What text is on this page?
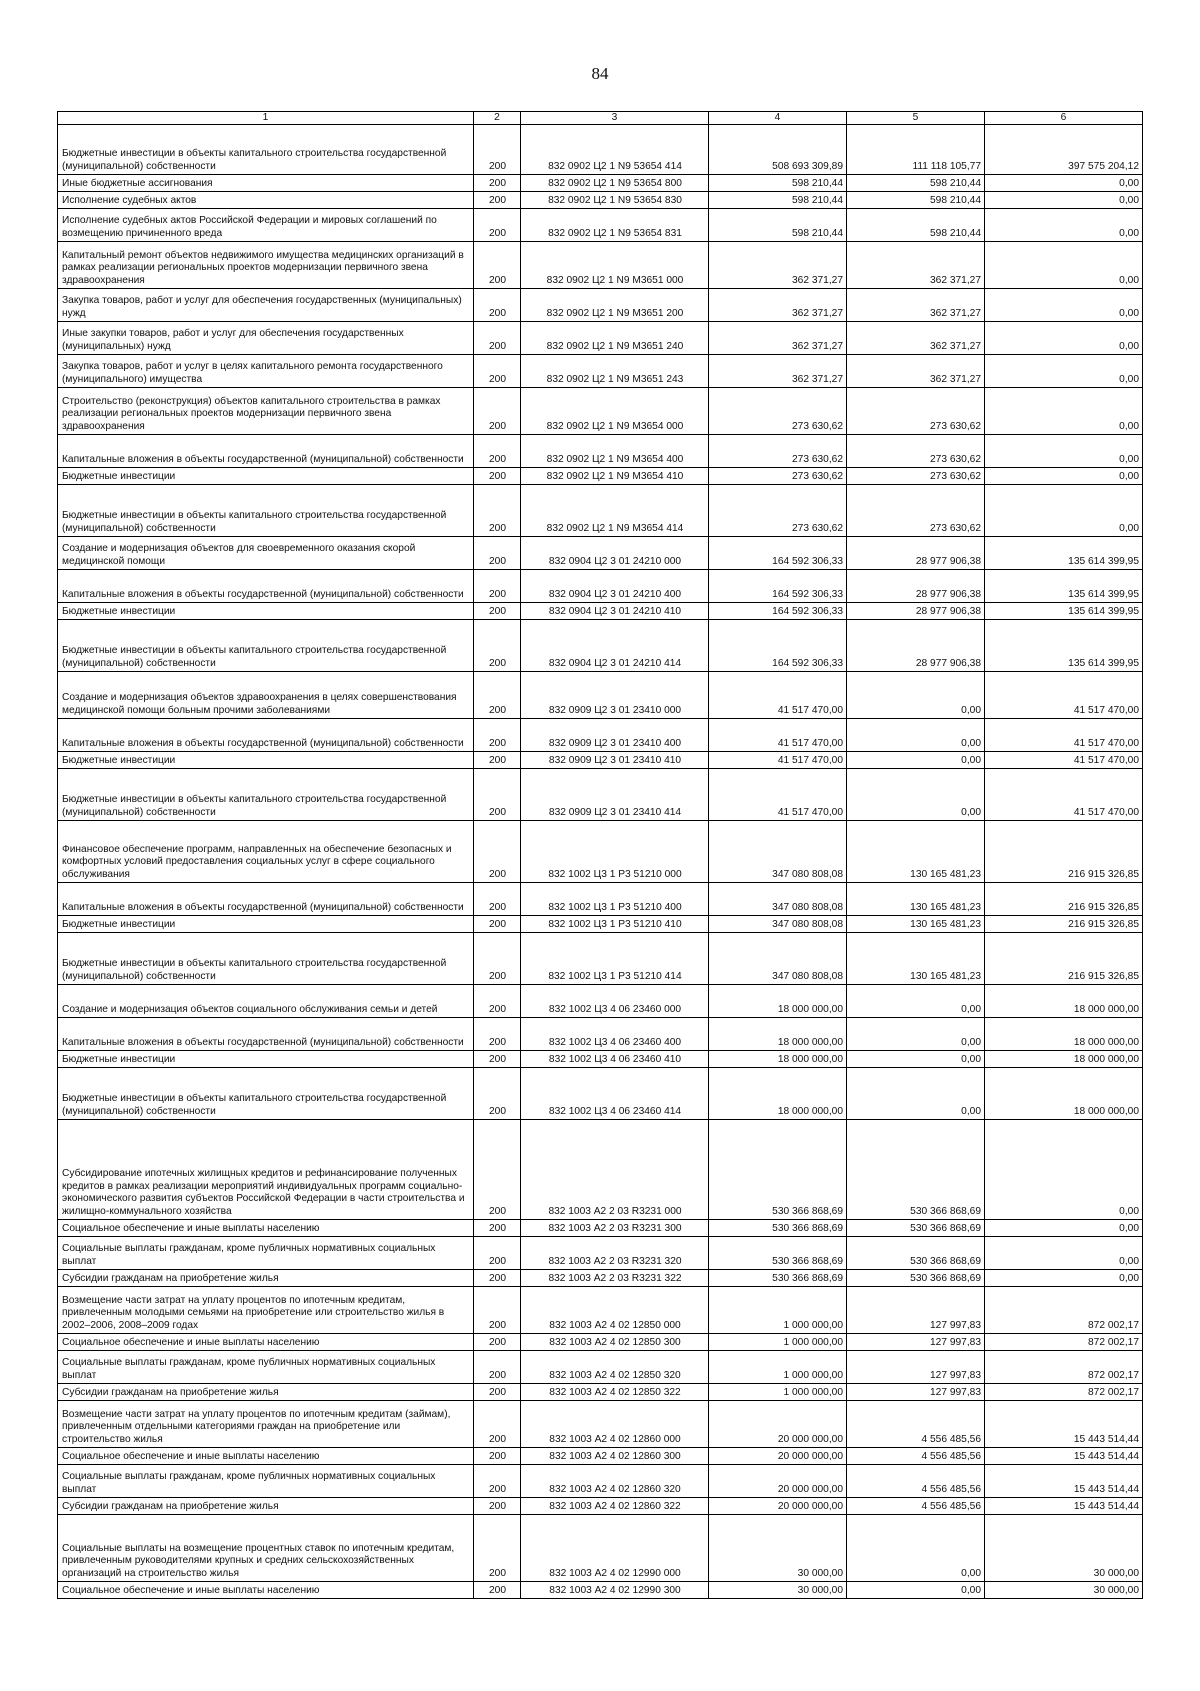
84
1	2	3	4	5	6
Бюджетные инвестиции в объекты капитального строительства государственной (муниципальной) собственности	200	832 0902 Ц2 1 N9 53654 414	508 693 309,89	111 118 105,77	397 575 204,12
Иные бюджетные ассигнования	200	832 0902 Ц2 1 N9 53654 800	598 210,44	598 210,44	0,00
Исполнение судебных актов	200	832 0902 Ц2 1 N9 53654 830	598 210,44	598 210,44	0,00
Исполнение судебных актов Российской Федерации и мировых соглашений по возмещению причиненного вреда	200	832 0902 Ц2 1 N9 53654 831	598 210,44	598 210,44	0,00
Капитальный ремонт объектов недвижимого имущества медицинских организаций в рамках реализации региональных проектов модернизации первичного звена здравоохранения	200	832 0902 Ц2 1 N9 M3651 000	362 371,27	362 371,27	0,00
Закупка товаров, работ и услуг для обеспечения государственных (муниципальных) нужд	200	832 0902 Ц2 1 N9 M3651 200	362 371,27	362 371,27	0,00
Иные закупки товаров, работ и услуг для обеспечения государственных (муниципальных) нужд	200	832 0902 Ц2 1 N9 M3651 240	362 371,27	362 371,27	0,00
Закупка товаров, работ и услуг в целях капитального ремонта государственного (муниципального) имущества	200	832 0902 Ц2 1 N9 M3651 243	362 371,27	362 371,27	0,00
Строительство (реконструкция) объектов капитального строительства в рамках реализации региональных проектов модернизации первичного звена здравоохранения	200	832 0902 Ц2 1 N9 M3654 000	273 630,62	273 630,62	0,00
Капитальные вложения в объекты государственной (муниципальной) собственности	200	832 0902 Ц2 1 N9 M3654 400	273 630,62	273 630,62	0,00
Бюджетные инвестиции	200	832 0902 Ц2 1 N9 M3654 410	273 630,62	273 630,62	0,00
Бюджетные инвестиции в объекты капитального строительства государственной (муниципальной) собственности	200	832 0902 Ц2 1 N9 M3654 414	273 630,62	273 630,62	0,00
Создание и модернизация объектов для своевременного оказания скорой медицинской помощи	200	832 0904 Ц2 3 01 24210 000	164 592 306,33	28 977 906,38	135 614 399,95
Капитальные вложения в объекты государственной (муниципальной) собственности	200	832 0904 Ц2 3 01 24210 400	164 592 306,33	28 977 906,38	135 614 399,95
Бюджетные инвестиции	200	832 0904 Ц2 3 01 24210 410	164 592 306,33	28 977 906,38	135 614 399,95
Бюджетные инвестиции в объекты капитального строительства государственной (муниципальной) собственности	200	832 0904 Ц2 3 01 24210 414	164 592 306,33	28 977 906,38	135 614 399,95
Создание и модернизация объектов здравоохранения в целях совершенствования медицинской помощи больным прочими заболеваниями	200	832 0909 Ц2 3 01 23410 000	41 517 470,00	0,00	41 517 470,00
Капитальные вложения в объекты государственной (муниципальной) собственности	200	832 0909 Ц2 3 01 23410 400	41 517 470,00	0,00	41 517 470,00
Бюджетные инвестиции	200	832 0909 Ц2 3 01 23410 410	41 517 470,00	0,00	41 517 470,00
Бюджетные инвестиции в объекты капитального строительства государственной (муниципальной) собственности	200	832 0909 Ц2 3 01 23410 414	41 517 470,00	0,00	41 517 470,00
Финансовое обеспечение программ, направленных на обеспечение безопасных и комфортных условий предоставления социальных услуг в сфере социального обслуживания	200	832 1002 Ц3 1 P3 51210 000	347 080 808,08	130 165 481,23	216 915 326,85
Капитальные вложения в объекты государственной (муниципальной) собственности	200	832 1002 Ц3 1 P3 51210 400	347 080 808,08	130 165 481,23	216 915 326,85
Бюджетные инвестиции	200	832 1002 Ц3 1 P3 51210 410	347 080 808,08	130 165 481,23	216 915 326,85
Бюджетные инвестиции в объекты капитального строительства государственной (муниципальной) собственности	200	832 1002 Ц3 1 P3 51210 414	347 080 808,08	130 165 481,23	216 915 326,85
Создание и модернизация объектов социального обслуживания семьи и детей	200	832 1002 Ц3 4 06 23460 000	18 000 000,00	0,00	18 000 000,00
Капитальные вложения в объекты государственной (муниципальной) собственности	200	832 1002 Ц3 4 06 23460 400	18 000 000,00	0,00	18 000 000,00
Бюджетные инвестиции	200	832 1002 Ц3 4 06 23460 410	18 000 000,00	0,00	18 000 000,00
Бюджетные инвестиции в объекты капитального строительства государственной (муниципальной) собственности	200	832 1002 Ц3 4 06 23460 414	18 000 000,00	0,00	18 000 000,00
Субсидирование ипотечных жилищных кредитов и рефинансирование полученных кредитов в рамках реализации мероприятий индивидуальных программ социально-экономического развития субъектов Российской Федерации в части строительства и жилищно-коммунального хозяйства	200	832 1003 А2 2 03 R3231 000	530 366 868,69	530 366 868,69	0,00
Социальное обеспечение и иные выплаты населению	200	832 1003 А2 2 03 R3231 300	530 366 868,69	530 366 868,69	0,00
Социальные выплаты гражданам, кроме публичных нормативных социальных выплат	200	832 1003 А2 2 03 R3231 320	530 366 868,69	530 366 868,69	0,00
Субсидии гражданам на приобретение жилья	200	832 1003 А2 2 03 R3231 322	530 366 868,69	530 366 868,69	0,00
Возмещение части затрат на уплату процентов по ипотечным кредитам, привлеченным молодыми семьями на приобретение или строительство жилья в 2002–2006, 2008–2009 годах	200	832 1003 А2 4 02 12850 000	1 000 000,00	127 997,83	872 002,17
Социальное обеспечение и иные выплаты населению	200	832 1003 А2 4 02 12850 300	1 000 000,00	127 997,83	872 002,17
Социальные выплаты гражданам, кроме публичных нормативных социальных выплат	200	832 1003 А2 4 02 12850 320	1 000 000,00	127 997,83	872 002,17
Субсидии гражданам на приобретение жилья	200	832 1003 А2 4 02 12850 322	1 000 000,00	127 997,83	872 002,17
Возмещение части затрат на уплату процентов по ипотечным кредитам (займам), привлеченным отдельными категориями граждан на приобретение или строительство жилья	200	832 1003 А2 4 02 12860 000	20 000 000,00	4 556 485,56	15 443 514,44
Социальное обеспечение и иные выплаты населению	200	832 1003 А2 4 02 12860 300	20 000 000,00	4 556 485,56	15 443 514,44
Социальные выплаты гражданам, кроме публичных нормативных социальных выплат	200	832 1003 А2 4 02 12860 320	20 000 000,00	4 556 485,56	15 443 514,44
Субсидии гражданам на приобретение жилья	200	832 1003 А2 4 02 12860 322	20 000 000,00	4 556 485,56	15 443 514,44
Социальные выплаты на возмещение процентных ставок по ипотечным кредитам, привлеченным руководителями крупных и средних сельскохозяйственных организаций на строительство жилья	200	832 1003 А2 4 02 12990 000	30 000,00	0,00	30 000,00
Социальное обеспечение и иные выплаты населению	200	832 1003 А2 4 02 12990 300	30 000,00	0,00	30 000,00
